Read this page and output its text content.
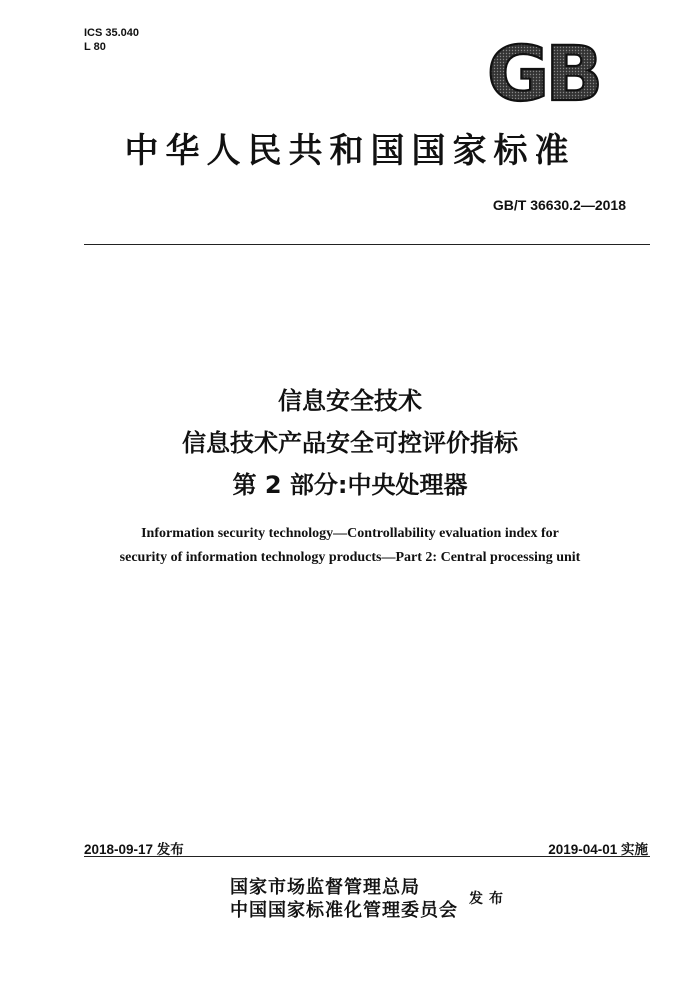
ICS 35.040
L 80	GB
中华人民共和国国家标准
GB/T 36630.2—2018
信息安全技术
信息技术产品安全可控评价指标
第 2 部分:中央处理器
Information security technology—Controllability evaluation index for
security of information technology products—Part 2: Central processing unit
2018-09-17 发布	2019-04-01 实施
国家市场监督管理总局
中国国家标准化管理委员会
发布
